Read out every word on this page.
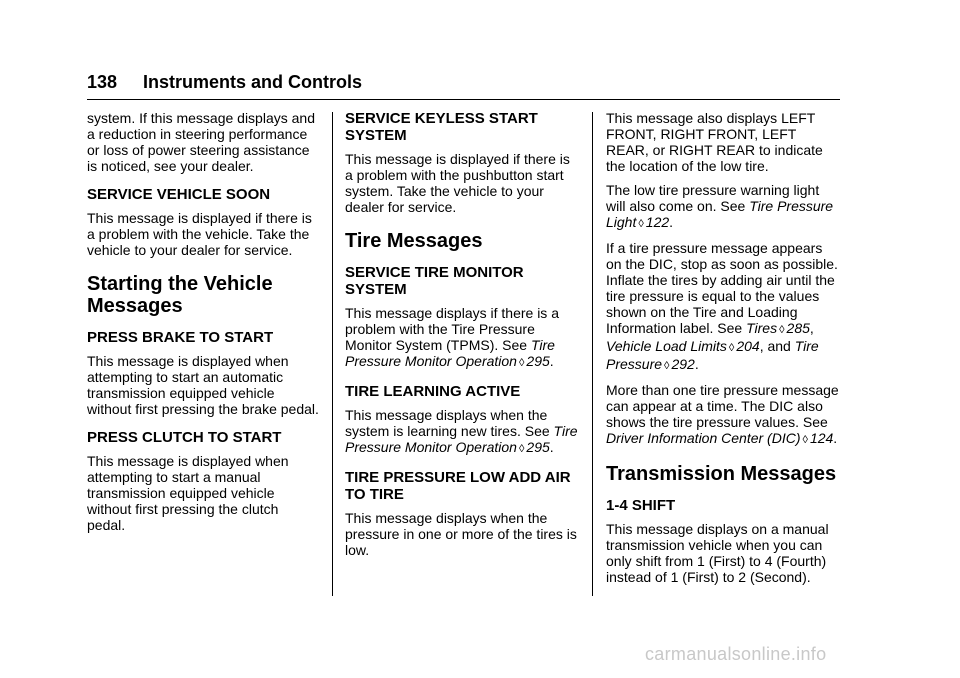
138 Instruments and Controls

system. If this message displays and a reduction in steering performance or loss of power steering assistance is noticed, see your dealer.

SERVICE VEHICLE SOON

This message is displayed if there is a problem with the vehicle. Take the vehicle to your dealer for service.

Starting the Vehicle Messages
PRESS BRAKE TO START

This message is displayed when attempting to start an automatic transmission equipped vehicle without first pressing the brake pedal.

PRESS CLUTCH TO START

This message is displayed when attempting to start a manual transmission equipped vehicle without first pressing the clutch pedal.

SERVICE KEYLESS START SYSTEM

This message is displayed if there is a problem with the pushbutton start system. Take the vehicle to your dealer for service.

Tire Messages
SERVICE TIRE MONITOR SYSTEM

This message displays if there is a problem with the Tire Pressure Monitor System (TPMS). See Tire Pressure Monitor Operation ◊ 295.

TIRE LEARNING ACTIVE

This message displays when the system is learning new tires. See Tire Pressure Monitor Operation ◊ 295.

TIRE PRESSURE LOW ADD AIR TO TIRE

This message displays when the pressure in one or more of the tires is low.

This message also displays LEFT FRONT, RIGHT FRONT, LEFT REAR, or RIGHT REAR to indicate the location of the low tire.

The low tire pressure warning light will also come on. See Tire Pressure Light ◊ 122.

If a tire pressure message appears on the DIC, stop as soon as possible. Inflate the tires by adding air until the tire pressure is equal to the values shown on the Tire and Loading Information label. See Tires ◊ 285, Vehicle Load Limits ◊ 204, and Tire Pressure ◊ 292.

More than one tire pressure message can appear at a time. The DIC also shows the tire pressure values. See Driver Information Center (DIC) ◊ 124.

Transmission Messages
1-4 SHIFT

This message displays on a manual transmission vehicle when you can only shift from 1 (First) to 4 (Fourth) instead of 1 (First) to 2 (Second).

carmanualsonline.info
